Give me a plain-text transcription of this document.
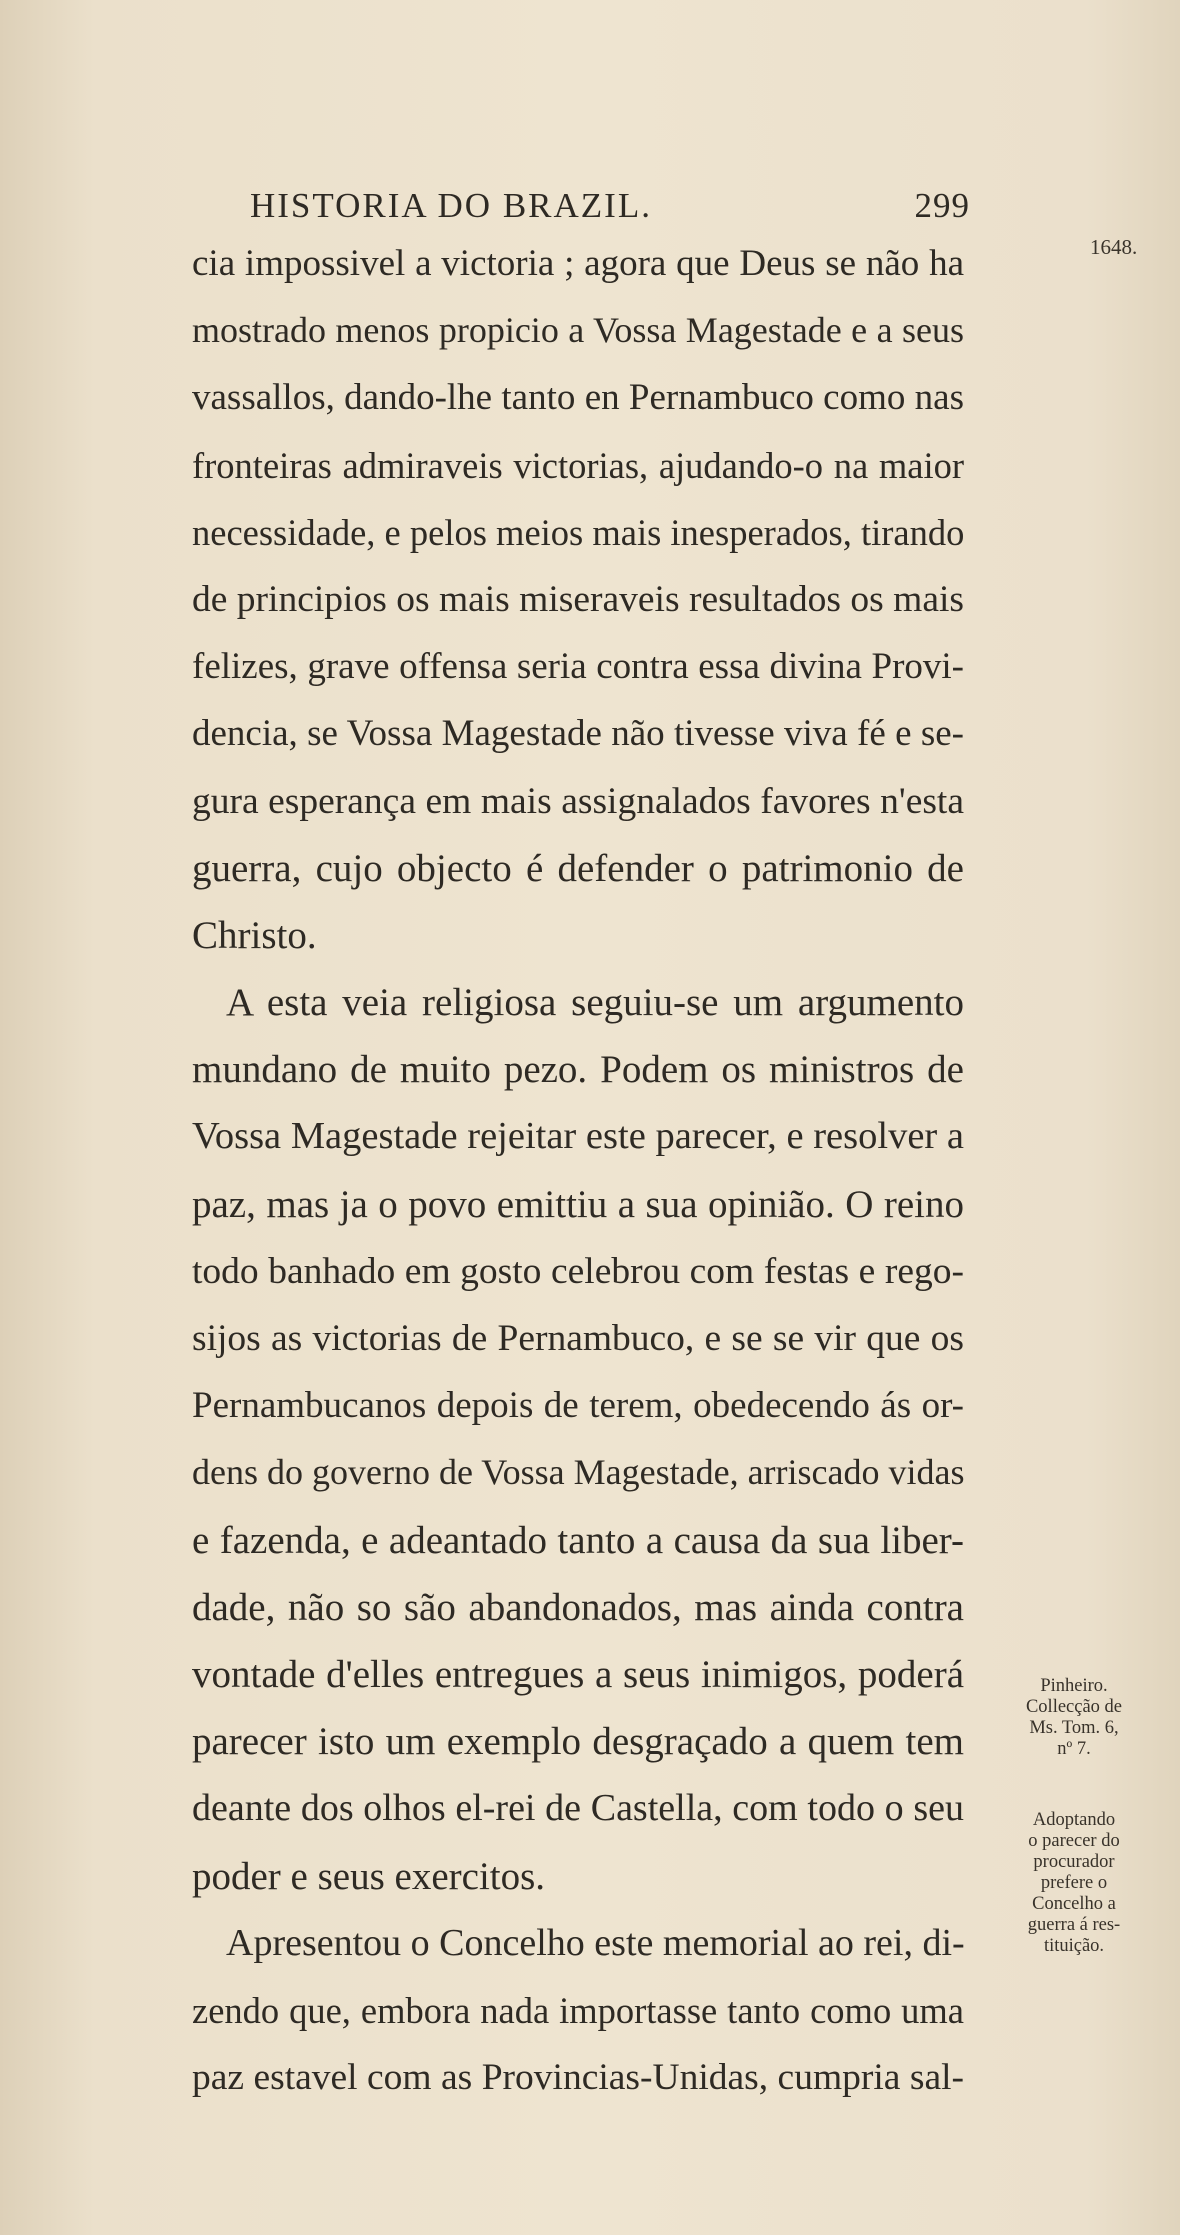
HISTORIA DO BRAZIL.	299
1648.
cia impossivel a victoria ; agora que Deus se não ha
mostrado menos propicio a Vossa Magestade e a seus
vassallos, dando-lhe tanto en Pernambuco como nas
fronteiras admiraveis victorias, ajudando-o na maior
necessidade, e pelos meios mais inesperados, tirando
de principios os mais miseraveis resultados os mais
felizes, grave offensa seria contra essa divina Provi-
dencia, se Vossa Magestade não tivesse viva fé e se-
gura esperança em mais assignalados favores n'esta
guerra, cujo objecto é defender o patrimonio de
Christo.
A esta veia religiosa seguiu-se um argumento
mundano de muito pezo. Podem os ministros de
Vossa Magestade rejeitar este parecer, e resolver a
paz, mas ja o povo emittiu a sua opinião. O reino
todo banhado em gosto celebrou com festas e rego-
sijos as victorias de Pernambuco, e se se vir que os
Pernambucanos depois de terem, obedecendo ás or-
dens do governo de Vossa Magestade, arriscado vidas
e fazenda, e adeantado tanto a causa da sua liber-
dade, não so são abandonados, mas ainda contra
vontade d'elles entregues a seus inimigos, poderá
parecer isto um exemplo desgraçado a quem tem
deante dos olhos el-rei de Castella, com todo o seu
poder e seus exercitos.
Apresentou o Concelho este memorial ao rei, di-
zendo que, embora nada importasse tanto como uma
paz estavel com as Provincias-Unidas, cumpria sal-
Pinheiro.
Collecção de
Ms. Tom. 6,
nº 7.
Adoptando
o parecer do
procurador
prefere o
Concelho a
guerra á res-
tituição.
